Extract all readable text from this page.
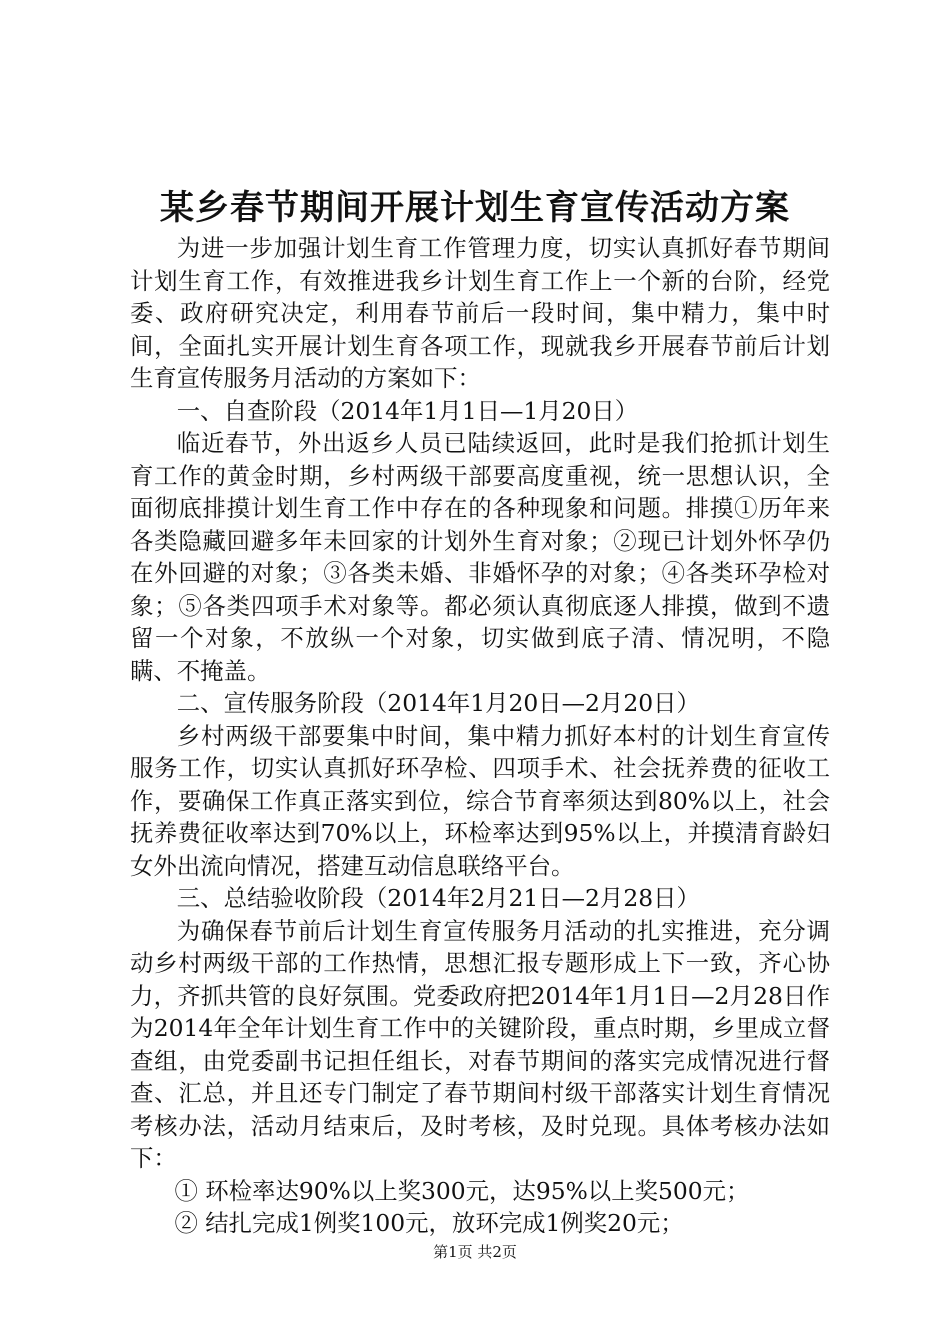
某乡春节期间开展计划生育宣传活动方案

为进一步加强计划生育工作管理力度，切实认真抓好春节期间计划生育工作，有效推进我乡计划生育工作上一个新的台阶，经党委、政府研究决定，利用春节前后一段时间，集中精力，集中时间，全面扎实开展计划生育各项工作，现就我乡开展春节前后计划生育宣传服务月活动的方案如下：

一、自查阶段（2014年1月1日—1月20日）

临近春节，外出返乡人员已陆续返回，此时是我们抢抓计划生育工作的黄金时期，乡村两级干部要高度重视，统一思想认识，全面彻底排摸计划生育工作中存在的各种现象和问题。排摸①历年来各类隐藏回避多年未回家的计划外生育对象；②现已计划外怀孕仍在外回避的对象；③各类未婚、非婚怀孕的对象；④各类环孕检对象；⑤各类四项手术对象等。都必须认真彻底逐人排摸，做到不遗留一个对象，不放纵一个对象，切实做到底子清、情况明，不隐瞒、不掩盖。

二、宣传服务阶段（2014年1月20日—2月20日）

乡村两级干部要集中时间，集中精力抓好本村的计划生育宣传服务工作，切实认真抓好环孕检、四项手术、社会抚养费的征收工作，要确保工作真正落实到位，综合节育率须达到80%以上，社会抚养费征收率达到70%以上，环检率达到95%以上，并摸清育龄妇女外出流向情况，搭建互动信息联络平台。

三、总结验收阶段（2014年2月21日—2月28日）

为确保春节前后计划生育宣传服务月活动的扎实推进，充分调动乡村两级干部的工作热情，思想汇报专题形成上下一致，齐心协力，齐抓共管的良好氛围。党委政府把2014年1月1日—2月28日作为2014年全年计划生育工作中的关键阶段，重点时期，乡里成立督查组，由党委副书记担任组长，对春节期间的落实完成情况进行督查、汇总，并且还专门制定了春节期间村级干部落实计划生育情况考核办法，活动月结束后，及时考核，及时兑现。具体考核办法如下：

① 环检率达90%以上奖300元，达95%以上奖500元；

② 结扎完成1例奖100元，放环完成1例奖20元；

第1页 共2页
